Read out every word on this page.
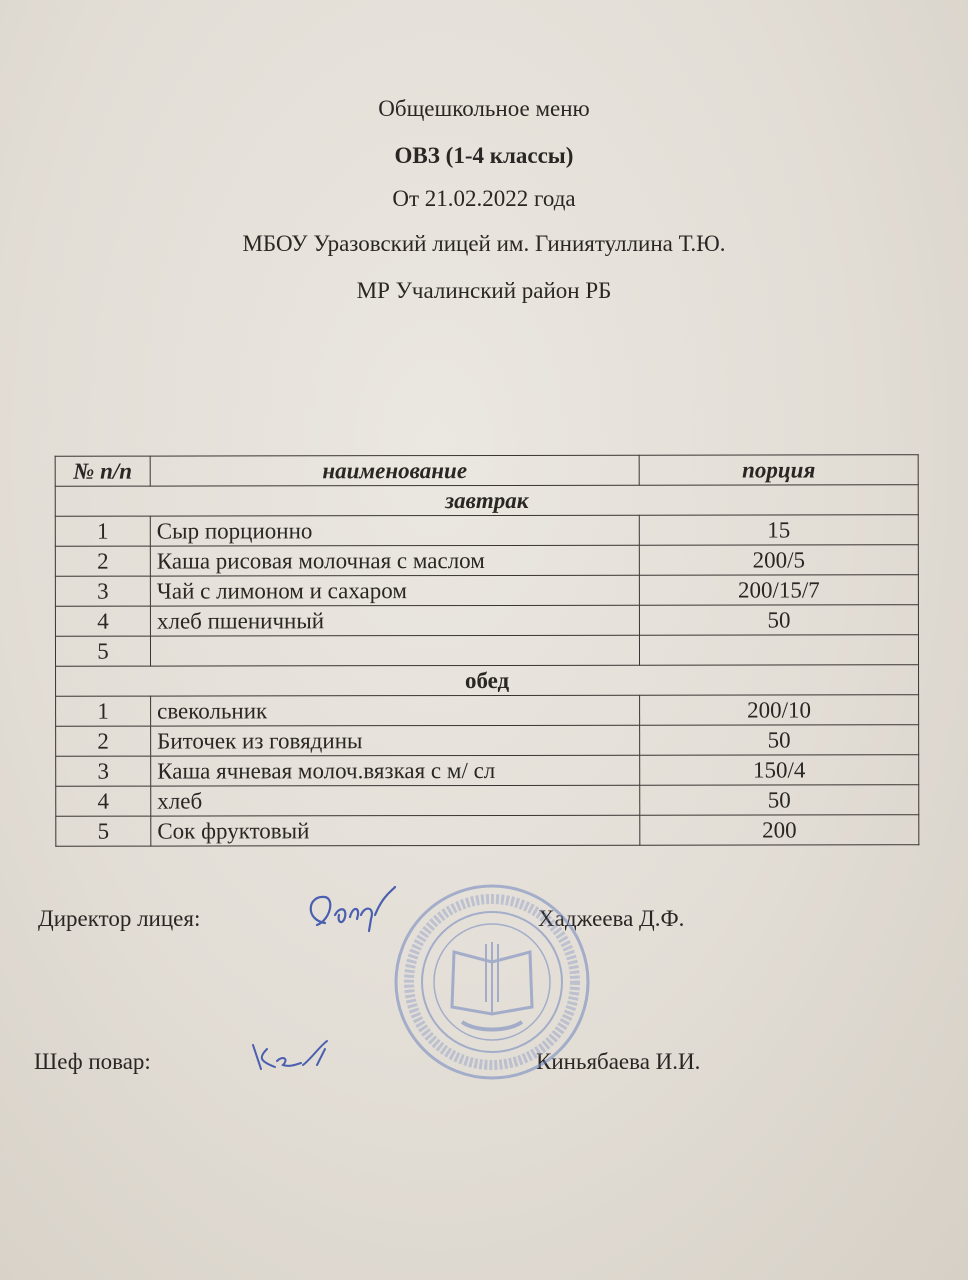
Общешкольное меню
ОВЗ (1-4 классы)
От 21.02.2022 года
МБОУ Уразовский лицей им. Гиниятуллина Т.Ю.
МР Учалинский район РБ
№ п/п	наименование	порция
завтрак		
1	Сыр порционно	15
2	Каша рисовая молочная с маслом	200/5
3	Чай с лимоном и сахаром	200/15/7
4	хлеб пшеничный	50
5		
обед		
1	свекольник	200/10
2	Биточек из говядины	50
3	Каша ячневая молоч.вязкая с м/ сл	150/4
4	хлеб	50
5	Сок фруктовый	200
Директор лицея:	Хаджеева Д.Ф.
Шеф повар:	Киньябаева И.И.
